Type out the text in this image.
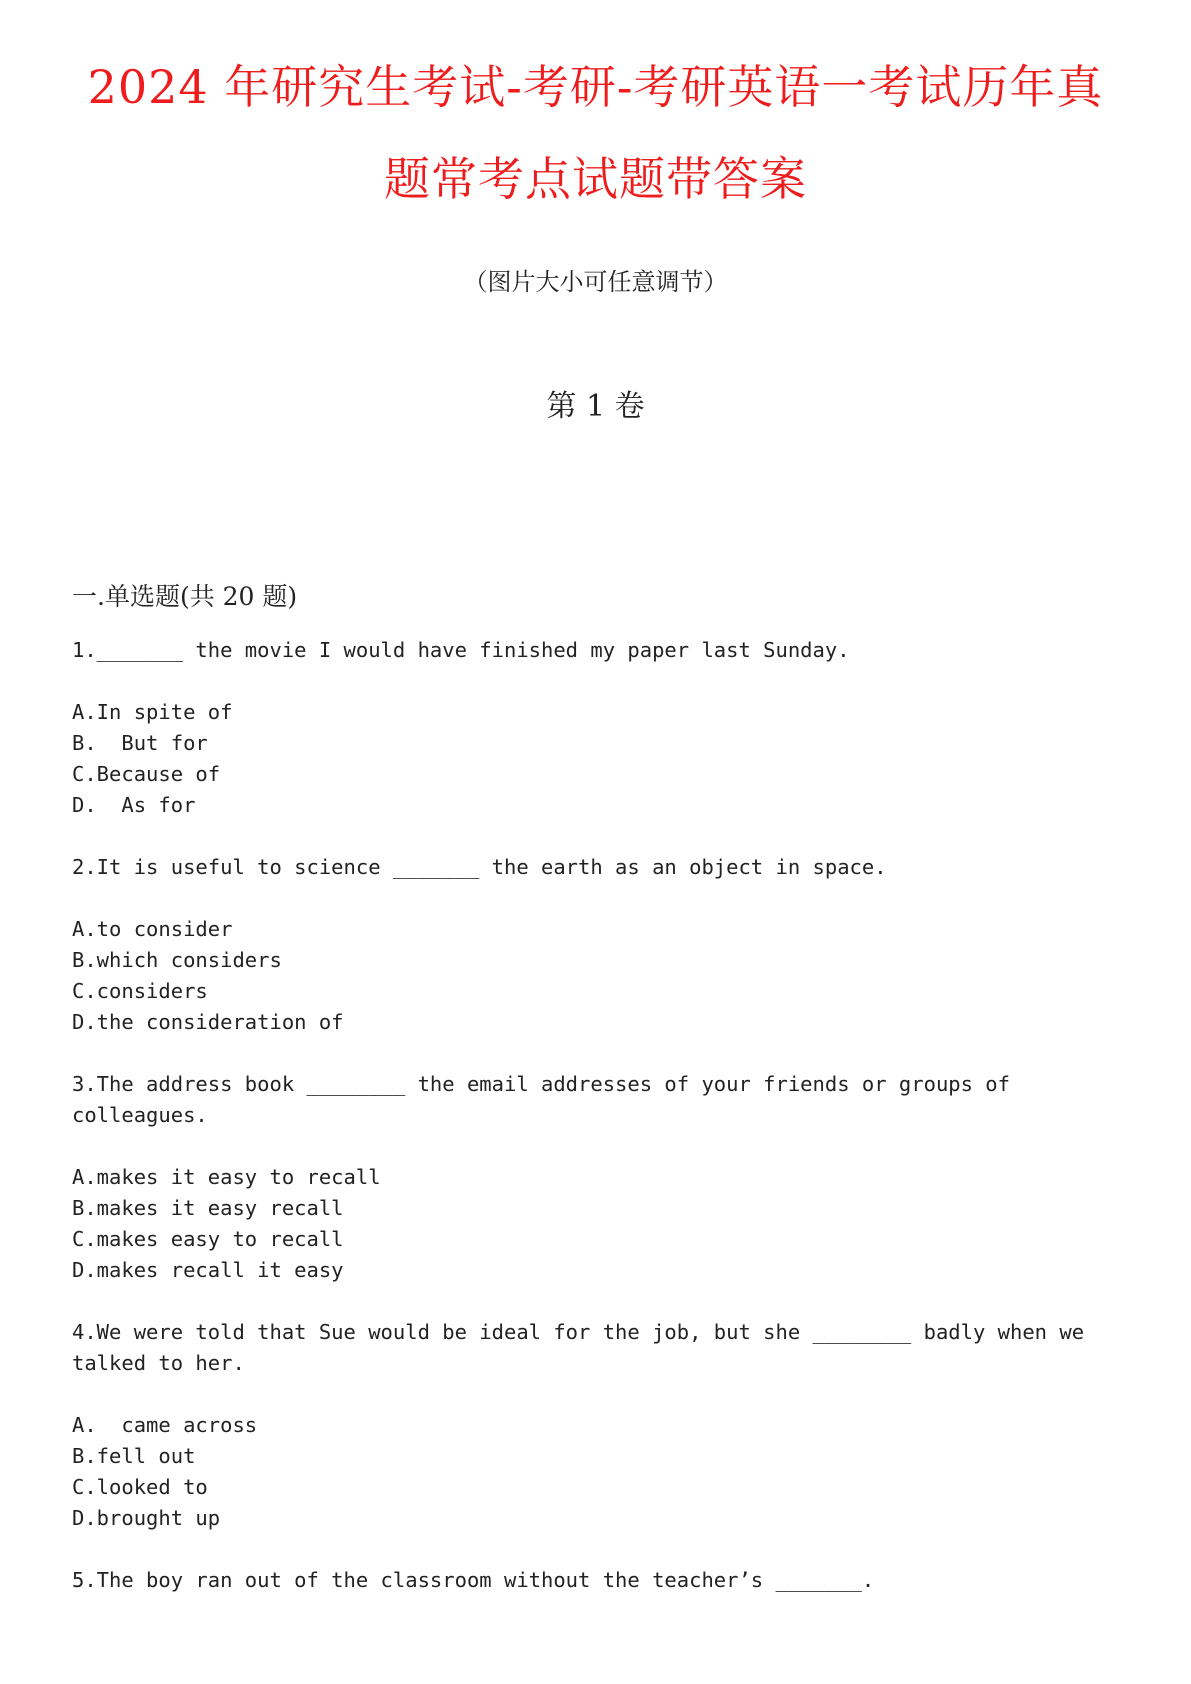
2024 年研究生考试-考研-考研英语一考试历年真
题常考点试题带答案
（图片大小可任意调节）
第 1 卷
一.单选题(共 20 题)

1._______ the movie I would have finished my paper last Sunday.

A.In spite of

B.  But for

C.Because of

D.  As for

2.It is useful to science _______ the earth as an object in space.

A.to consider

B.which considers

C.considers

D.the consideration of

3.The address book ________ the email addresses of your friends or groups of colleagues.

A.makes it easy to recall

B.makes it easy recall

C.makes easy to recall

D.makes recall it easy

4.We were told that Sue would be ideal for the job, but she ________ badly when we talked to her.

A.  came across

B.fell out

C.looked to

D.brought up

5.The boy ran out of the classroom without the teacher’s _______.
